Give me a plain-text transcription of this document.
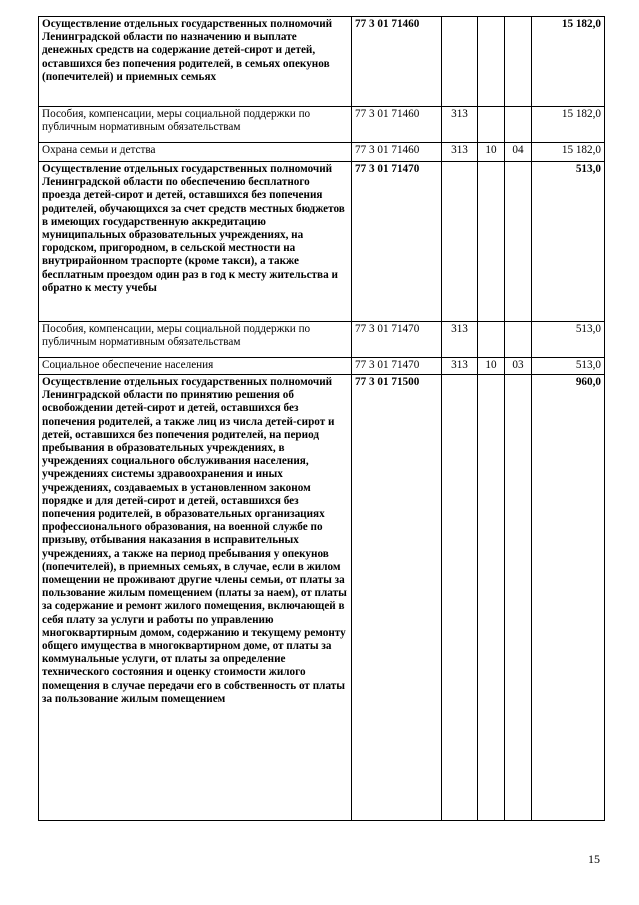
Осуществление отдельных государственных полномочий Ленинградской области по назначению и выплате денежных средств на содержание детей-сирот и детей, оставшихся без попечения родителей, в семьях опекунов (попечителей) и приемных семьях	77 3 01 71460				15 182,0
Пособия, компенсации, меры социальной поддержки по публичным нормативным обязательствам	77 3 01 71460	313			15 182,0
Охрана семьи и детства	77 3 01 71460	313	10	04	15 182,0
Осуществление отдельных государственных полномочий Ленинградской области по обеспечению бесплатного проезда детей-сирот и детей, оставшихся без попечения родителей, обучающихся за счет средств местных бюджетов в имеющих государственную аккредитацию муниципальных образовательных учреждениях, на городском, пригородном, в сельской местности на внутрирайонном траспорте (кроме такси), а также бесплатным проездом один раз в год к месту жительства и обратно к месту учебы	77 3 01 71470				513,0
Пособия, компенсации, меры социальной поддержки по публичным нормативным обязательствам	77 3 01 71470	313			513,0
Социальное обеспечение населения	77 3 01 71470	313	10	03	513,0
Осуществление отдельных государственных полномочий Ленинградской области по принятию решения об освобождении детей-сирот и детей, оставшихся без попечения родителей, а также лиц из числа детей-сирот и детей, оставшихся без попечения родителей, на период пребывания в образовательных учреждениях, в учреждениях социального обслуживания населения, учреждениях системы здравоохранения и иных учреждениях, создаваемых в установленном законом порядке и для детей-сирот и детей, оставшихся без попечения родителей, в образовательных организациях профессионального образования, на военной службе по призыву, отбывания наказания в исправительных учреждениях, а также на период пребывания у опекунов (попечителей), в приемных семьях, в случае, если в жилом помещении не проживают другие члены семьи, от платы за пользование жилым помещением (платы за наем), от платы за содержание и ремонт жилого помещения, включающей в себя плату за услуги и работы по управлению многоквартирным домом, содержанию и текущему ремонту общего имущества в многоквартирном доме, от платы за коммунальные услуги, от платы за определение технического состояния и оценку стоимости жилого помещения в случае передачи его в собственность от платы за пользование жилым помещением	77 3 01 71500				960,0
15
